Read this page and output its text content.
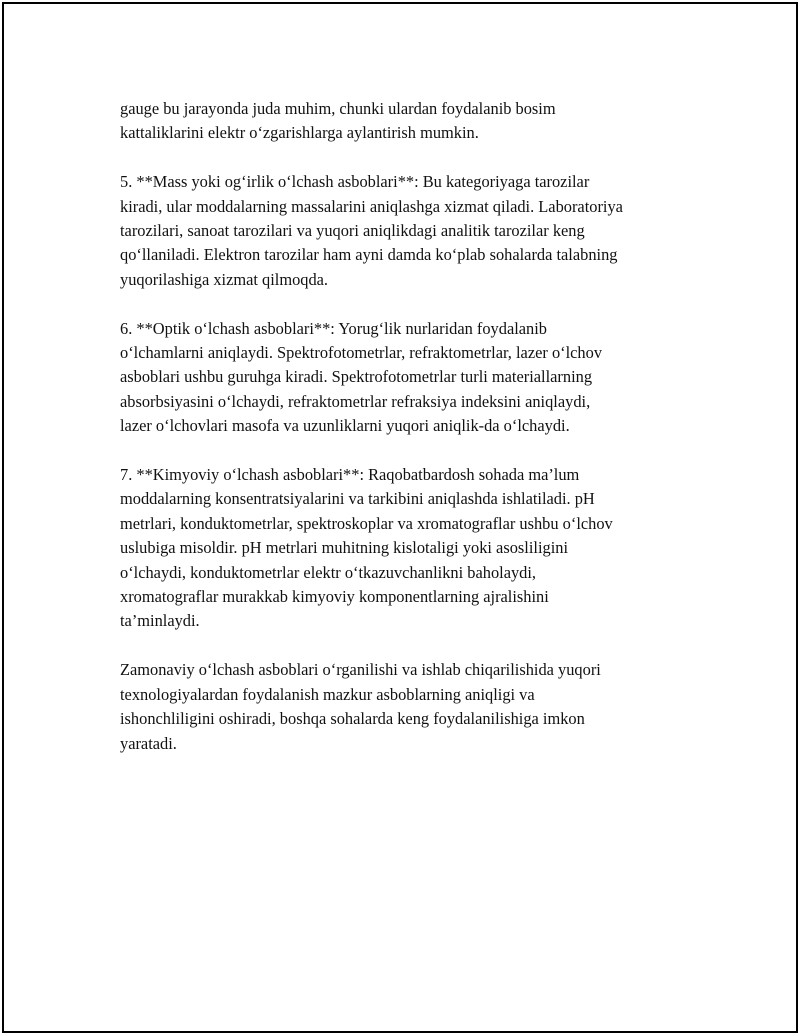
gauge bu jarayonda juda muhim, chunki ulardan foydalanib bosim
kattaliklarini elektr o‘zgarishlarga aylantirish mumkin.

5. **Mass yoki og‘irlik o‘lchash asboblari**: Bu kategoriyaga tarozilar
kiradi, ular moddalarning massalarini aniqlashga xizmat qiladi. Laboratoriya
tarozilari, sanoat tarozilari va yuqori aniqlikdagi analitik tarozilar keng
qo‘llaniladi. Elektron tarozilar ham ayni damda ko‘plab sohalarda talabning
yuqorilashiga xizmat qilmoqda.

6. **Optik o‘lchash asboblari**: Yorug‘lik nurlaridan foydalanib
o‘lchamlarni aniqlaydi. Spektrofotometrlar, refraktometrlar, lazer o‘lchov
asboblari ushbu guruhga kiradi. Spektrofotometrlar turli materiallarning
absorbsiyasini o‘lchaydi, refraktometrlar refraksiya indeksini aniqlaydi,
lazer o‘lchovlari masofa va uzunliklarni yuqori aniqlik-da o‘lchaydi.

7. **Kimyoviy o‘lchash asboblari**: Raqobatbardosh sohada ma’lum
moddalarning konsentratsiyalarini va tarkibini aniqlashda ishlatiladi. pH
metrlari, konduktometrlar, spektroskoplar va xromatograflar ushbu o‘lchov
uslubiga misoldir. pH metrlari muhitning kislotaligi yoki asosliligini
o‘lchaydi, konduktometrlar elektr o‘tkazuvchanlikni baholaydi,
xromatograflar murakkab kimyoviy komponentlarning ajralishini
ta’minlaydi.

Zamonaviy o‘lchash asboblari o‘rganilishi va ishlab chiqarilishida yuqori
texnologiyalardan foydalanish mazkur asboblarning aniqligi va
ishonchliligini oshiradi, boshqa sohalarda keng foydalanilishiga imkon
yaratadi.
